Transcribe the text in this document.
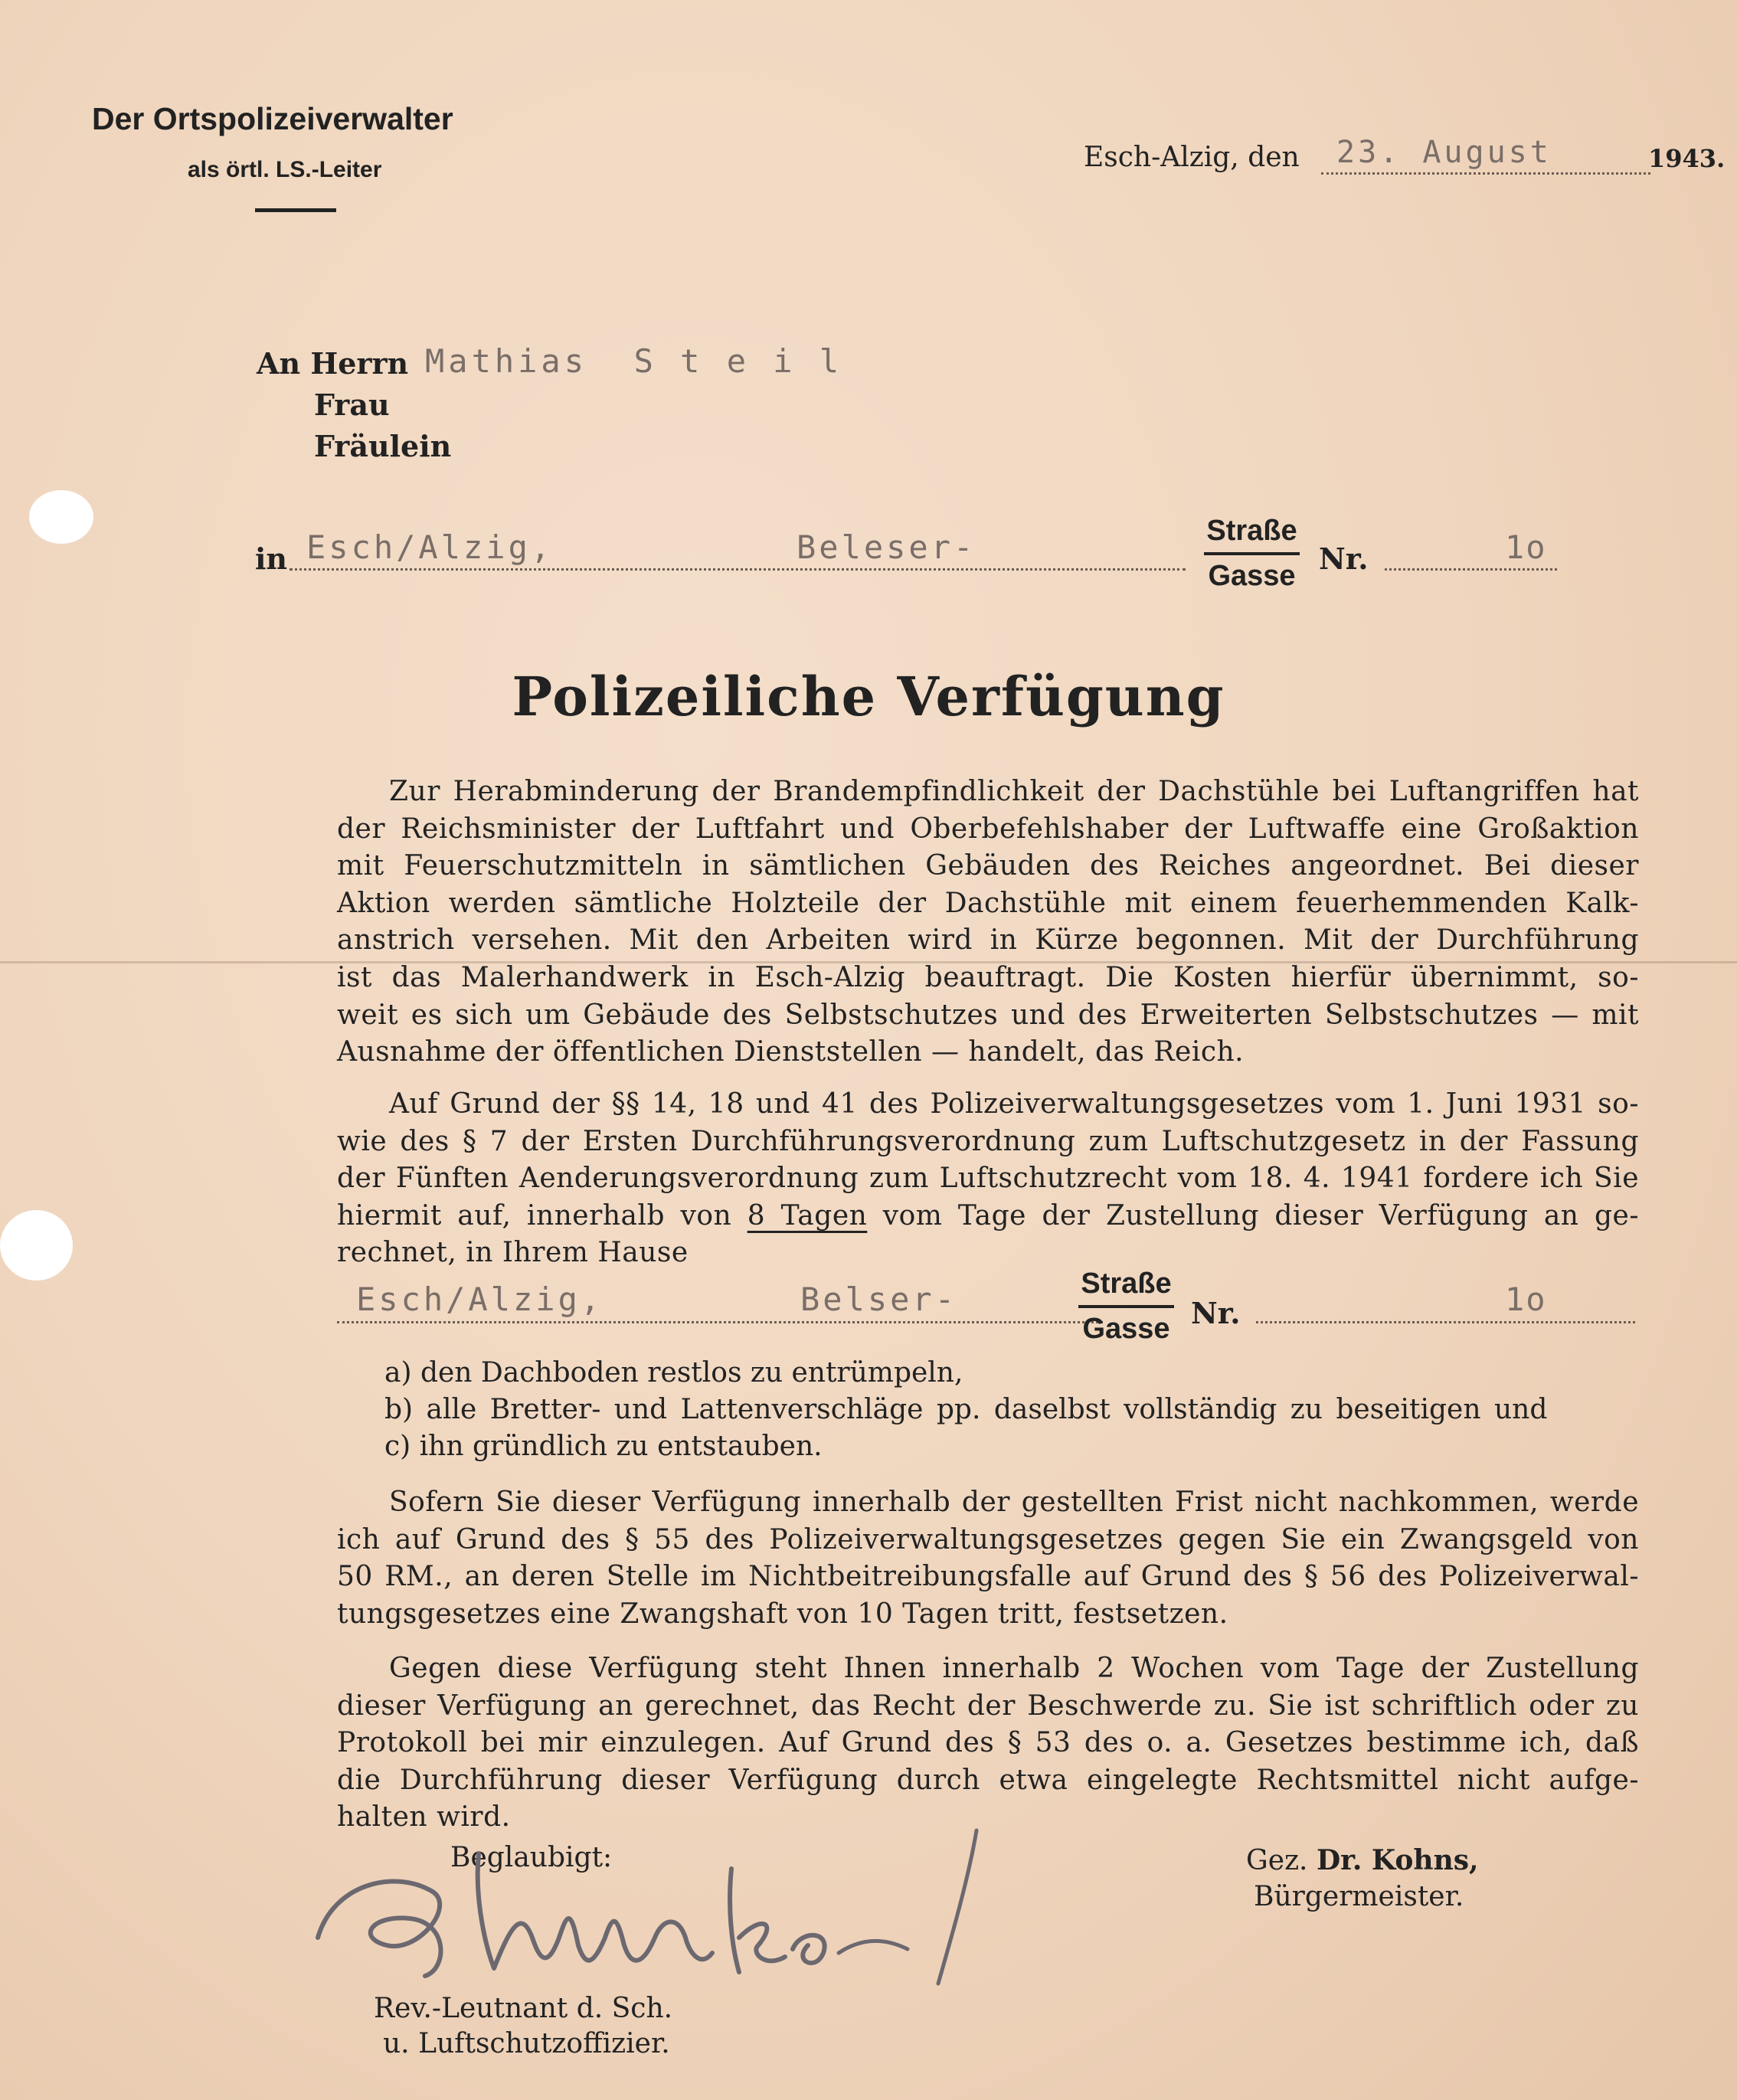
Der Ortspolizeiverwalter
als örtl. LS.-Leiter	Esch-Alzig, den 23. August	1943.
An Herrn
Frau
Fräulein
Mathias  S t e i l
in Esch/Alzig,	Beleser-	Straße
Gasse Nr.	1o
Polizeiliche Verfügung
Zur Herabminderung der Brandempfindlichkeit der Dachstühle bei Luftangriffen hat
der Reichsminister der Luftfahrt und Oberbefehlshaber der Luftwaffe eine Großaktion
mit Feuerschutzmitteln in sämtlichen Gebäuden des Reiches angeordnet. Bei dieser
Aktion werden sämtliche Holzteile der Dachstühle mit einem feuerhemmenden Kalk-
anstrich versehen. Mit den Arbeiten wird in Kürze begonnen. Mit der Durchführung
ist das Malerhandwerk in Esch-Alzig beauftragt. Die Kosten hierfür übernimmt, so-
weit es sich um Gebäude des Selbstschutzes und des Erweiterten Selbstschutzes — mit
Ausnahme der öffentlichen Dienststellen — handelt, das Reich.
Auf Grund der §§ 14, 18 und 41 des Polizeiverwaltungsgesetzes vom 1. Juni 1931 so-
wie des § 7 der Ersten Durchführungsverordnung zum Luftschutzgesetz in der Fassung
der Fünften Aenderungsverordnung zum Luftschutzrecht vom 18. 4. 1941 fordere ich Sie
hiermit auf, innerhalb von 8 Tagen vom Tage der Zustellung dieser Verfügung an ge-
rechnet, in Ihrem Hause
Esch/Alzig,	Belser-	Straße
Gasse Nr.	1o
a) den Dachboden restlos zu entrümpeln,
b) alle Bretter- und Lattenverschläge pp. daselbst vollständig zu beseitigen und
c) ihn gründlich zu entstauben.
Sofern Sie dieser Verfügung innerhalb der gestellten Frist nicht nachkommen, werde
ich auf Grund des § 55 des Polizeiverwaltungsgesetzes gegen Sie ein Zwangsgeld von
50 RM., an deren Stelle im Nichtbeitreibungsfalle auf Grund des § 56 des Polizeiverwal-
tungsgesetzes eine Zwangshaft von 10 Tagen tritt, festsetzen.
Gegen diese Verfügung steht Ihnen innerhalb 2 Wochen vom Tage der Zustellung
dieser Verfügung an gerechnet, das Recht der Beschwerde zu. Sie ist schriftlich oder zu
Protokoll bei mir einzulegen. Auf Grund des § 53 des o. a. Gesetzes bestimme ich, daß
die Durchführung dieser Verfügung durch etwa eingelegte Rechtsmittel nicht aufge-
halten wird.
Beglaubigt:
Rev.-Leutnant d. Sch.
u. Luftschutzoffizier.
Gez. Dr. Kohns,
Bürgermeister.
